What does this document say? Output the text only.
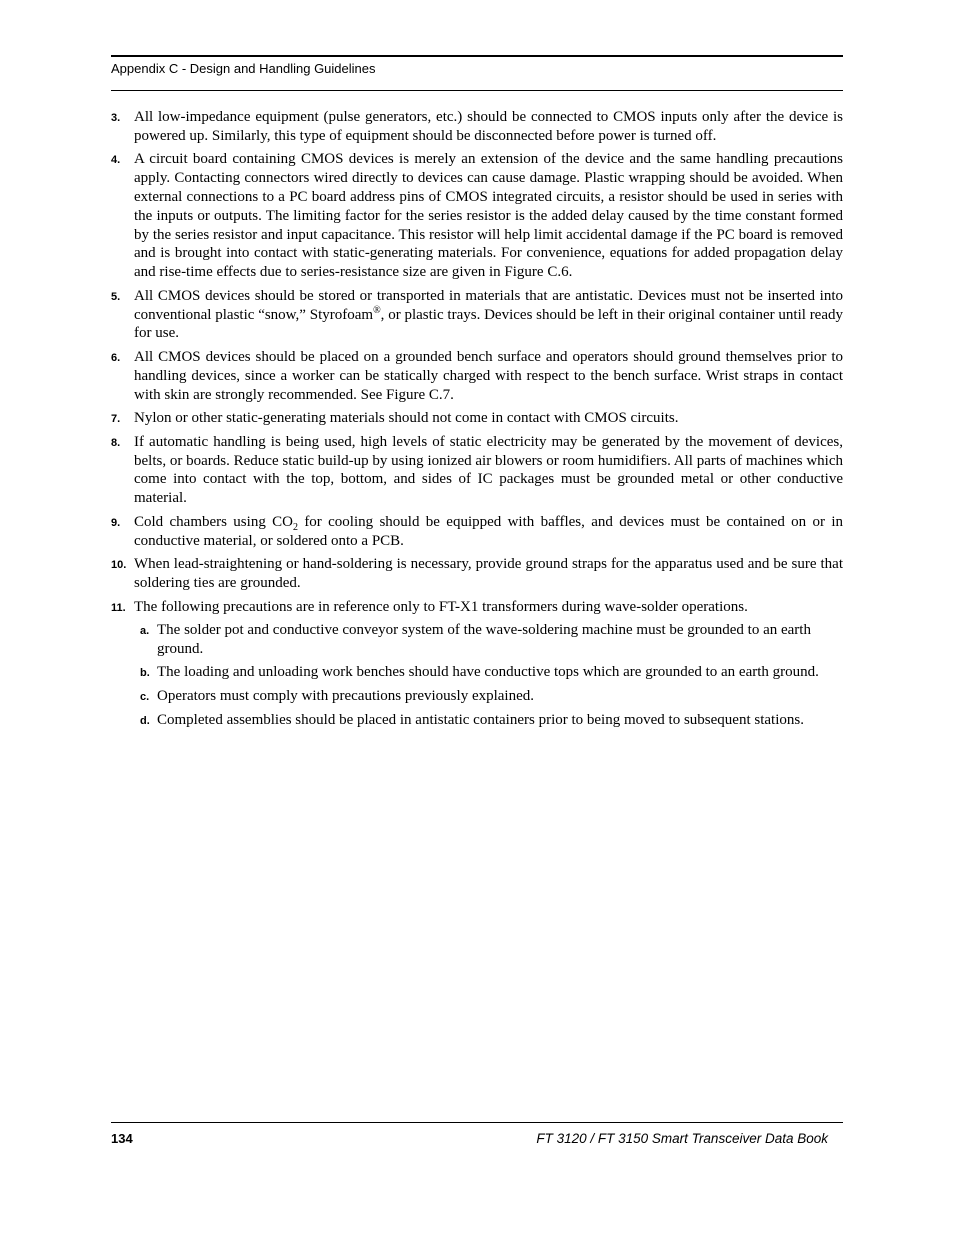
Appendix C - Design and Handling Guidelines
3. All low-impedance equipment (pulse generators, etc.) should be connected to CMOS inputs only after the device is powered up. Similarly, this type of equipment should be disconnected before power is turned off.
4. A circuit board containing CMOS devices is merely an extension of the device and the same handling precautions apply. Contacting connectors wired directly to devices can cause damage. Plastic wrapping should be avoided. When external connections to a PC board address pins of CMOS integrated circuits, a resistor should be used in series with the inputs or outputs. The limiting factor for the series resistor is the added delay caused by the time constant formed by the series resistor and input capacitance. This resistor will help limit accidental damage if the PC board is removed and is brought into contact with static-generating materials. For convenience, equations for added propagation delay and rise-time effects due to series-resistance size are given in Figure C.6.
5. All CMOS devices should be stored or transported in materials that are antistatic. Devices must not be inserted into conventional plastic “snow,” Styrofoam®, or plastic trays. Devices should be left in their original container until ready for use.
6. All CMOS devices should be placed on a grounded bench surface and operators should ground themselves prior to handling devices, since a worker can be statically charged with respect to the bench surface. Wrist straps in contact with skin are strongly recommended. See Figure C.7.
7. Nylon or other static-generating materials should not come in contact with CMOS circuits.
8. If automatic handling is being used, high levels of static electricity may be generated by the movement of devices, belts, or boards. Reduce static build-up by using ionized air blowers or room humidifiers. All parts of machines which come into contact with the top, bottom, and sides of IC packages must be grounded metal or other conductive material.
9. Cold chambers using $CO_2$ for cooling should be equipped with baffles, and devices must be contained on or in conductive material, or soldered onto a PCB.
10. When lead-straightening or hand-soldering is necessary, provide ground straps for the apparatus used and be sure that soldering ties are grounded.
11. The following precautions are in reference only to FT-X1 transformers during wave-solder operations.
a. The solder pot and conductive conveyor system of the wave-soldering machine must be grounded to an earth ground.
b. The loading and unloading work benches should have conductive tops which are grounded to an earth ground.
c. Operators must comply with precautions previously explained.
d. Completed assemblies should be placed in antistatic containers prior to being moved to subsequent stations.
134	FT 3120 / FT 3150 Smart Transceiver Data Book
